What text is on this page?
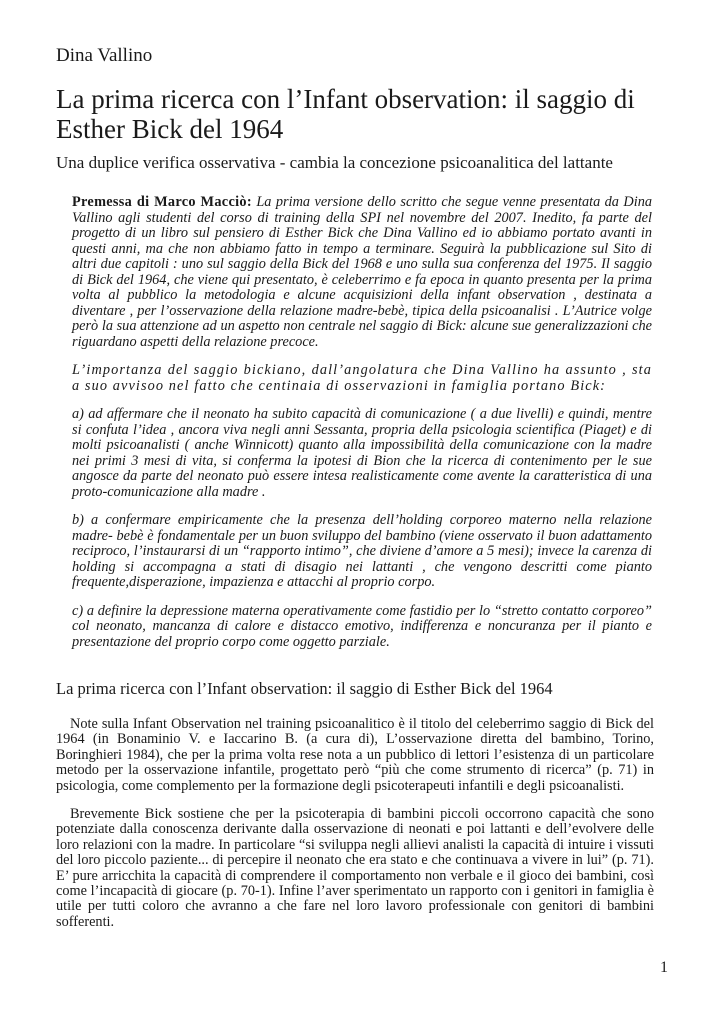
Dina Vallino
La prima ricerca con l’Infant observation: il saggio di Esther Bick del 1964
Una duplice verifica osservativa - cambia la concezione psicoanalitica del lattante

Premessa di Marco Macciò: La prima versione dello scritto che segue venne presentata da Dina Vallino agli studenti del corso di training della SPI nel novembre del 2007. Inedito, fa parte del progetto di un libro sul pensiero di Esther Bick che Dina Vallino ed io abbiamo portato avanti in questi anni, ma che non abbiamo fatto in tempo a terminare. Seguirà la pubblicazione sul Sito di altri due capitoli : uno sul saggio della Bick del 1968 e uno sulla sua conferenza del 1975. Il saggio di Bick del 1964, che viene qui presentato, è celeberrimo e fa epoca in quanto presenta per la prima volta al pubblico la metodologia e alcune acquisizioni della infant observation , destinata a diventare , per l’osservazione della relazione madre-bebè, tipica della psicoanalisi . L’Autrice volge però la sua attenzione ad un aspetto non centrale nel saggio di Bick: alcune sue generalizzazioni che riguardano aspetti della relazione precoce.

L’importanza del saggio bickiano, dall’angolatura che Dina Vallino ha assunto , sta a suo avvisoo nel fatto che centinaia di osservazioni in famiglia portano Bick:

a) ad affermare che il neonato ha subito capacità di comunicazione ( a due livelli) e quindi, mentre si confuta l’idea , ancora viva negli anni Sessanta, propria della psicologia scientifica (Piaget) e di molti psicoanalisti ( anche Winnicott) quanto alla impossibilità della comunicazione con la madre nei primi 3 mesi di vita, si conferma la ipotesi di Bion che la ricerca di contenimento per le sue angosce da parte del neonato può essere intesa realisticamente come avente la caratteristica di una proto-comunicazione alla madre .

b) a confermare empiricamente che la presenza dell’holding corporeo materno nella relazione madre- bebè è fondamentale per un buon sviluppo del bambino (viene osservato il buon adattamento reciproco, l’instaurarsi di un “rapporto intimo”, che diviene d’amore a 5 mesi); invece la carenza di holding si accompagna a stati di disagio nei lattanti , che vengono descritti come pianto frequente,disperazione, impazienza e attacchi al proprio corpo.

c) a definire la depressione materna operativamente come fastidio per lo “stretto contatto corporeo” col neonato, mancanza di calore e distacco emotivo, indifferenza e noncuranza per il pianto e presentazione del proprio corpo come oggetto parziale.

La prima ricerca con l’Infant observation: il saggio di Esther Bick del 1964

Note sulla Infant Observation nel training psicoanalitico è il titolo del celeberrimo saggio di Bick del 1964 (in Bonaminio V. e Iaccarino B. (a cura di), L’osservazione diretta del bambino, Torino, Boringhieri 1984), che per la prima volta rese nota a un pubblico di lettori l’esistenza di un particolare metodo per la osservazione infantile, progettato però “più che come strumento di ricerca” (p. 71) in psicologia, come complemento per la formazione degli psicoterapeuti infantili e degli psicoanalisti.

Brevemente Bick sostiene che per la psicoterapia di bambini piccoli occorrono capacità che sono potenziate dalla conoscenza derivante dalla osservazione di neonati e poi lattanti e dell’evolvere delle loro relazioni con la madre. In particolare “si sviluppa negli allievi analisti la capacità di intuire i vissuti del loro piccolo paziente... di percepire il neonato che era stato e che continuava a vivere in lui” (p. 71). E’ pure arricchita la capacità di comprendere il comportamento non verbale e il gioco dei bambini, così come l’incapacità di giocare (p. 70-1). Infine l’aver sperimentato un rapporto con i genitori in famiglia è utile per tutti coloro che avranno a che fare nel loro lavoro professionale con genitori di bambini sofferenti.

1
